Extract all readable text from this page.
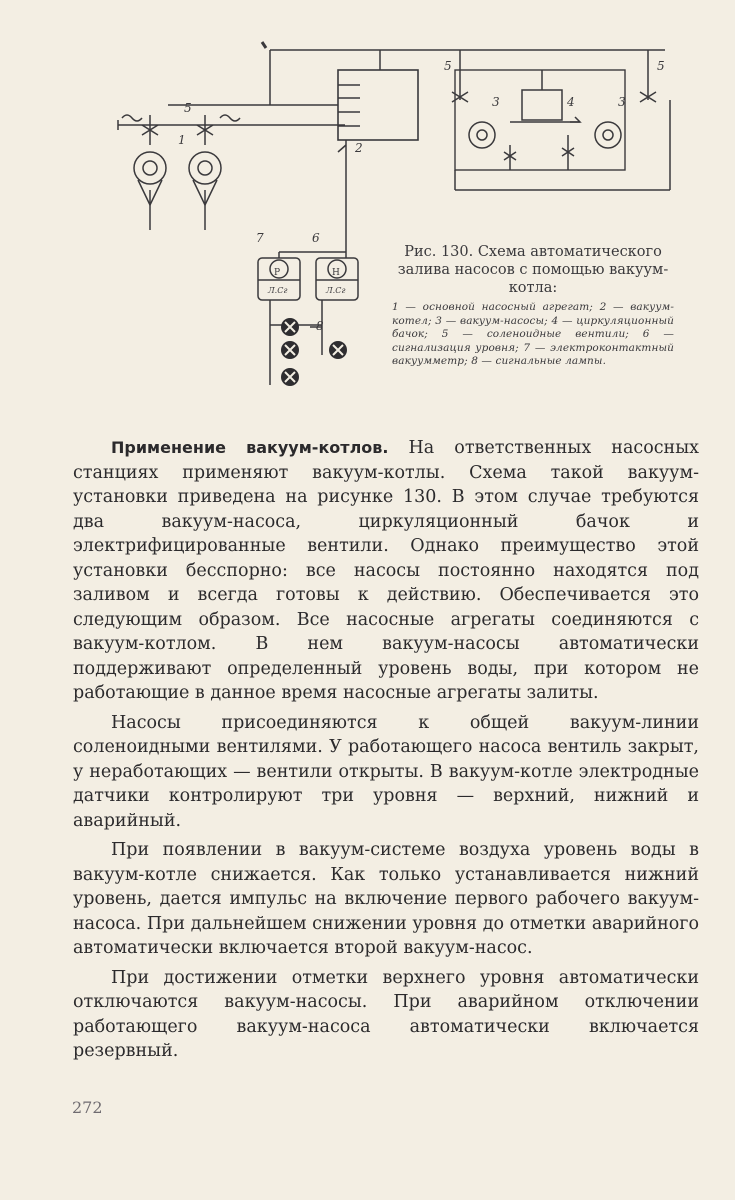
1
2
3	3
4
5
5	5
6
7
8
P
Л.Сг
H
Л.Сг

Рис. 130. Схема автоматического залива насосов с помощью вакуум-котла:

1 — основной насосный агрегат; 2 — вакуум-котел; 3 — вакуум-насосы; 4 — циркуляционный бачок; 5 — соленоидные вентили; 6 — сигнализация уровня; 7 — электроконтактный вакуумметр; 8 — сигнальные лампы.

Применение вакуум-котлов. На ответственных насосных станциях применяют вакуум-котлы. Схема такой вакуум-установки приведена на рисунке 130. В этом случае требуются два вакуум-насоса, циркуляционный бачок и электрифицированные вентили. Однако преимущество этой установки бесспорно: все насосы постоянно находятся под заливом и всегда готовы к действию. Обеспечивается это следующим образом. Все насосные агрегаты соединяются с вакуум-котлом. В нем вакуум-насосы автоматически поддерживают определенный уровень воды, при котором не работающие в данное время насосные агрегаты залиты.

Насосы присоединяются к общей вакуум-линии соленоидными вентилями. У работающего насоса вентиль закрыт, у неработающих — вентили открыты. В вакуум-котле электродные датчики контролируют три уровня — верхний, нижний и аварийный.

При появлении в вакуум-системе воздуха уровень воды в вакуум-котле снижается. Как только устанавливается нижний уровень, дается импульс на включение первого рабочего вакуум-насоса. При дальнейшем снижении уровня до отметки аварийного автоматически включается второй вакуум-насос.

При достижении отметки верхнего уровня автоматически отключаются вакуум-насосы. При аварийном отключении работающего вакуум-насоса автоматически включается резервный.

272
